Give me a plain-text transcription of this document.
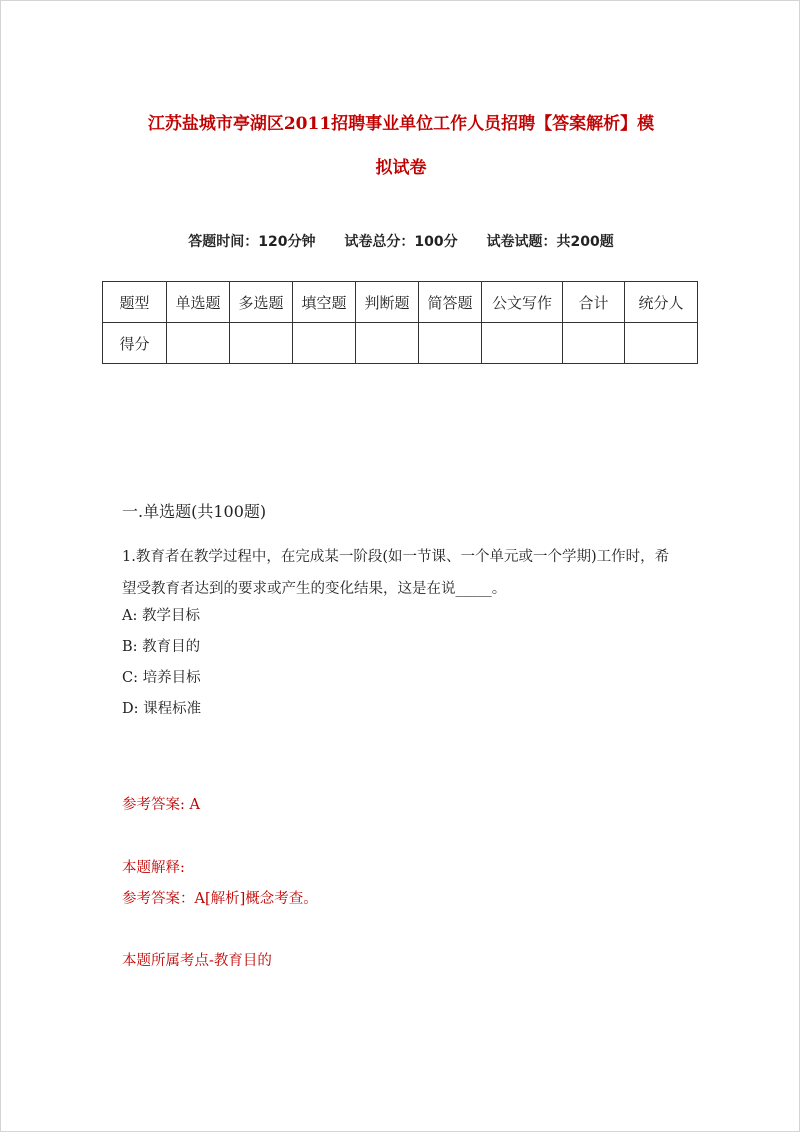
江苏盐城市亭湖区2011招聘事业单位工作人员招聘【答案解析】模
拟试卷
答题时间：120分钟 试卷总分：100分 试卷试题：共200题
题型	单选题	多选题	填空题	判断题	简答题	公文写作	合计	统分人
得分								
一.单选题(共100题)
1.教育者在教学过程中，在完成某一阶段(如一节课、一个单元或一个学期)工作时，希望受教育者达到的要求或产生的变化结果，这是在说_____。
A: 教学目标
B: 教育目的
C: 培养目标
D: 课程标准
参考答案: A
本题解释:
参考答案：A[解析]概念考查。
本题所属考点-教育目的
